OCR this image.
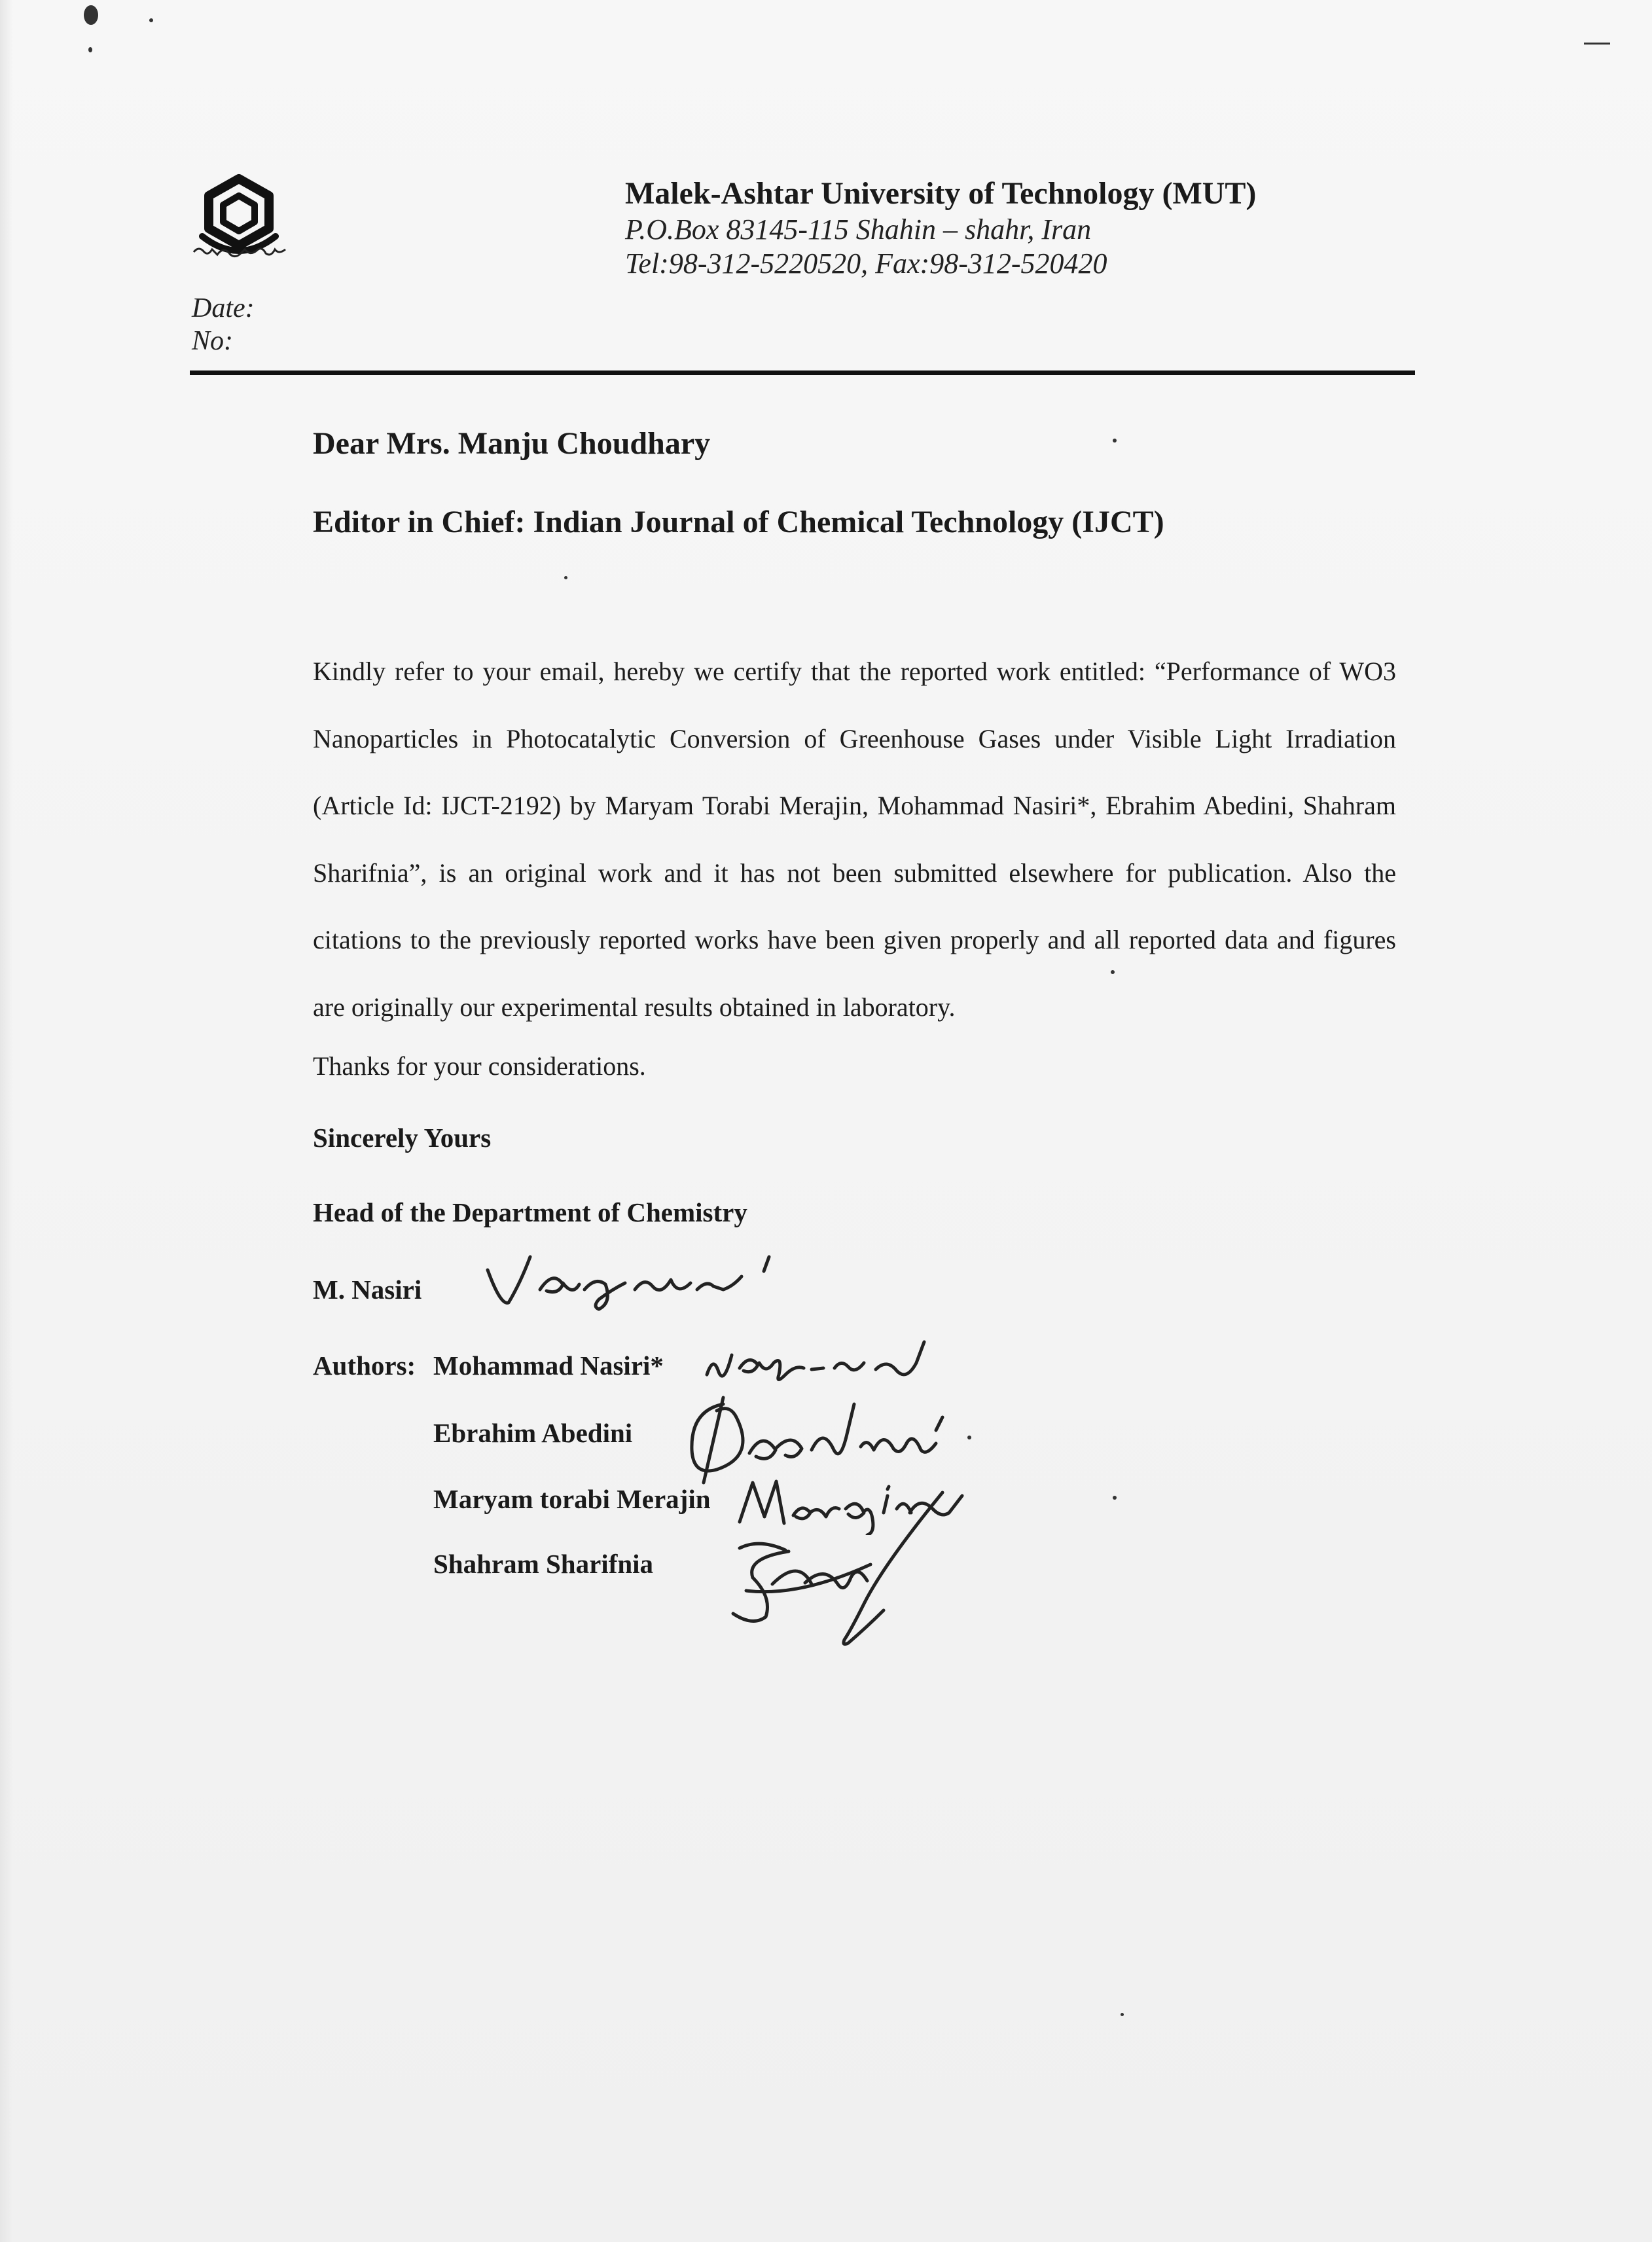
Malek-Ashtar University of Technology (MUT)
P.O.Box 83145-115 Shahin – shahr, Iran
Tel:98-312-5220520, Fax:98-312-520420
Date:
No:
Dear Mrs. Manju Choudhary
Editor in Chief: Indian Journal of Chemical Technology (IJCT)
Kindly refer to your email, hereby we certify that the reported work entitled: “Performance of WO3 Nanoparticles in Photocatalytic Conversion of Greenhouse Gases under Visible Light Irradiation (Article Id: IJCT-2192) by Maryam Torabi Merajin, Mohammad Nasiri*, Ebrahim Abedini, Shahram Sharifnia”, is an original work and it has not been submitted elsewhere for publication. Also the citations to the previously reported works have been given properly and all reported data and figures are originally our experimental results obtained in laboratory.
Thanks for your considerations.
Sincerely Yours
Head of the Department of Chemistry
M. Nasiri
Authors: Mohammad Nasiri*
Ebrahim Abedini
Maryam torabi Merajin
Shahram Sharifnia
